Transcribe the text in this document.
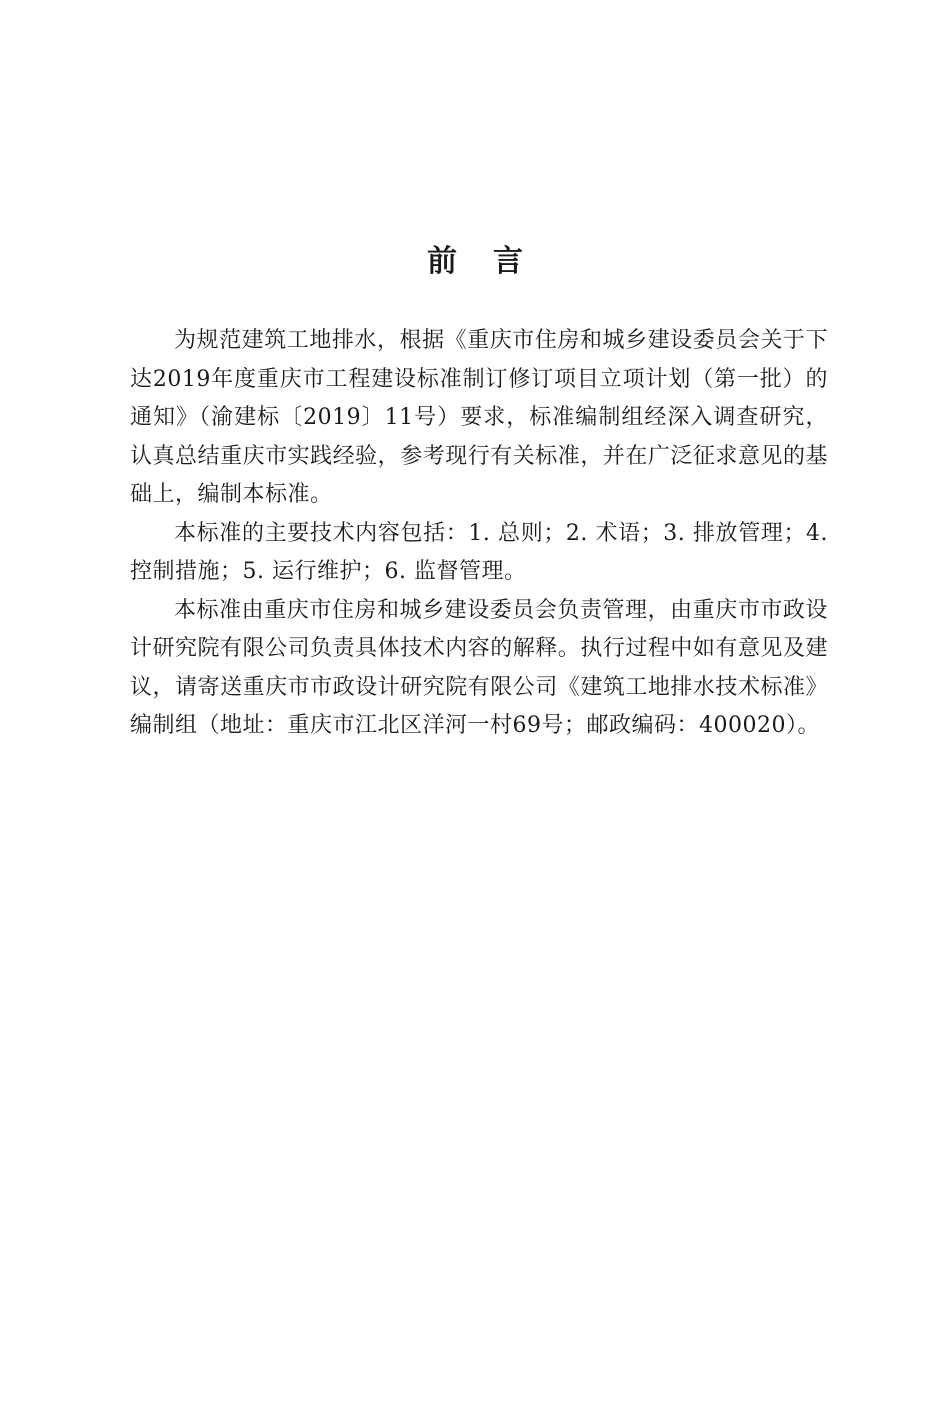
前言

为规范建筑工地排水，根据《重庆市住房和城乡建设委员会关于下达2019年度重庆市工程建设标准制订修订项目立项计划（第一批）的通知》（渝建标〔2019〕11号）要求，标准编制组经深入调查研究，认真总结重庆市实践经验，参考现行有关标准，并在广泛征求意见的基础上，编制本标准。

本标准的主要技术内容包括：1. 总则；2. 术语；3. 排放管理；4. 控制措施；5. 运行维护；6. 监督管理。

本标准由重庆市住房和城乡建设委员会负责管理，由重庆市市政设计研究院有限公司负责具体技术内容的解释。执行过程中如有意见及建议，请寄送重庆市市政设计研究院有限公司《建筑工地排水技术标准》编制组（地址：重庆市江北区洋河一村69号；邮政编码：400020）。
